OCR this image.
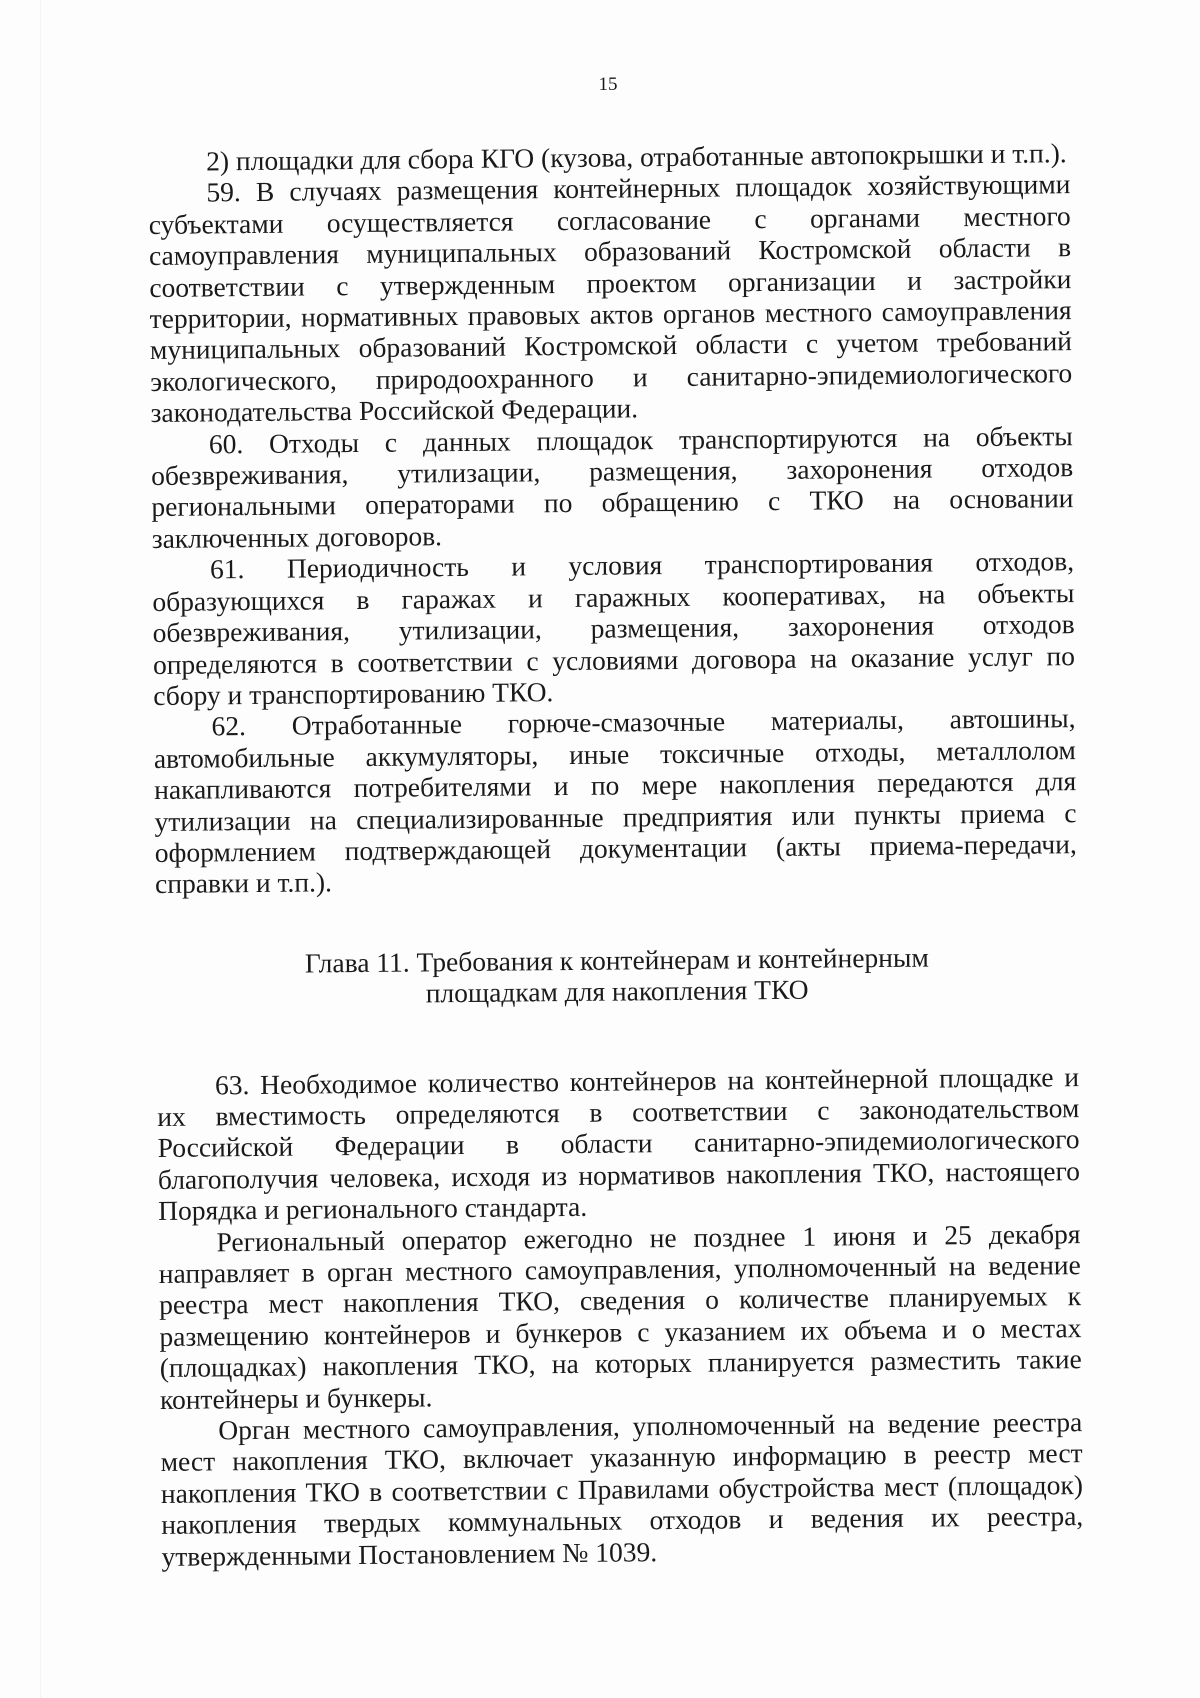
15

2) площадки для сбора КГО (кузова, отработанные автопокрышки и т.п.).

59. В случаях размещения контейнерных площадок хозяйствующими субъектами осуществляется согласование с органами местного самоуправления муниципальных образований Костромской области в соответствии с утвержденным проектом организации и застройки территории, нормативных правовых актов органов местного самоуправления муниципальных образований Костромской области с учетом требований экологического, природоохранного и санитарно-эпидемиологического законодательства Российской Федерации.

60. Отходы с данных площадок транспортируются на объекты обезвреживания, утилизации, размещения, захоронения отходов региональными операторами по обращению с ТКО на основании заключенных договоров.

61. Периодичность и условия транспортирования отходов, образующихся в гаражах и гаражных кооперативах, на объекты обезвреживания, утилизации, размещения, захоронения отходов определяются в соответствии с условиями договора на оказание услуг по сбору и транспортированию ТКО.

62. Отработанные горюче-смазочные материалы, автошины, автомобильные аккумуляторы, иные токсичные отходы, металлолом накапливаются потребителями и по мере накопления передаются для утилизации на специализированные предприятия или пункты приема с оформлением подтверждающей документации (акты приема-передачи, справки и т.п.).

Глава 11. Требования к контейнерам и контейнерным
площадкам для накопления ТКО

63. Необходимое количество контейнеров на контейнерной площадке и их вместимость определяются в соответствии с законодательством Российской Федерации в области санитарно-эпидемиологического благополучия человека, исходя из нормативов накопления ТКО, настоящего Порядка и регионального стандарта.

Региональный оператор ежегодно не позднее 1 июня и 25 декабря направляет в орган местного самоуправления, уполномоченный на ведение реестра мест накопления ТКО, сведения о количестве планируемых к размещению контейнеров и бункеров с указанием их объема и о местах (площадках) накопления ТКО, на которых планируется разместить такие контейнеры и бункеры.

Орган местного самоуправления, уполномоченный на ведение реестра мест накопления ТКО, включает указанную информацию в реестр мест накопления ТКО в соответствии с Правилами обустройства мест (площадок) накопления твердых коммунальных отходов и ведения их реестра, утвержденными Постановлением № 1039.
